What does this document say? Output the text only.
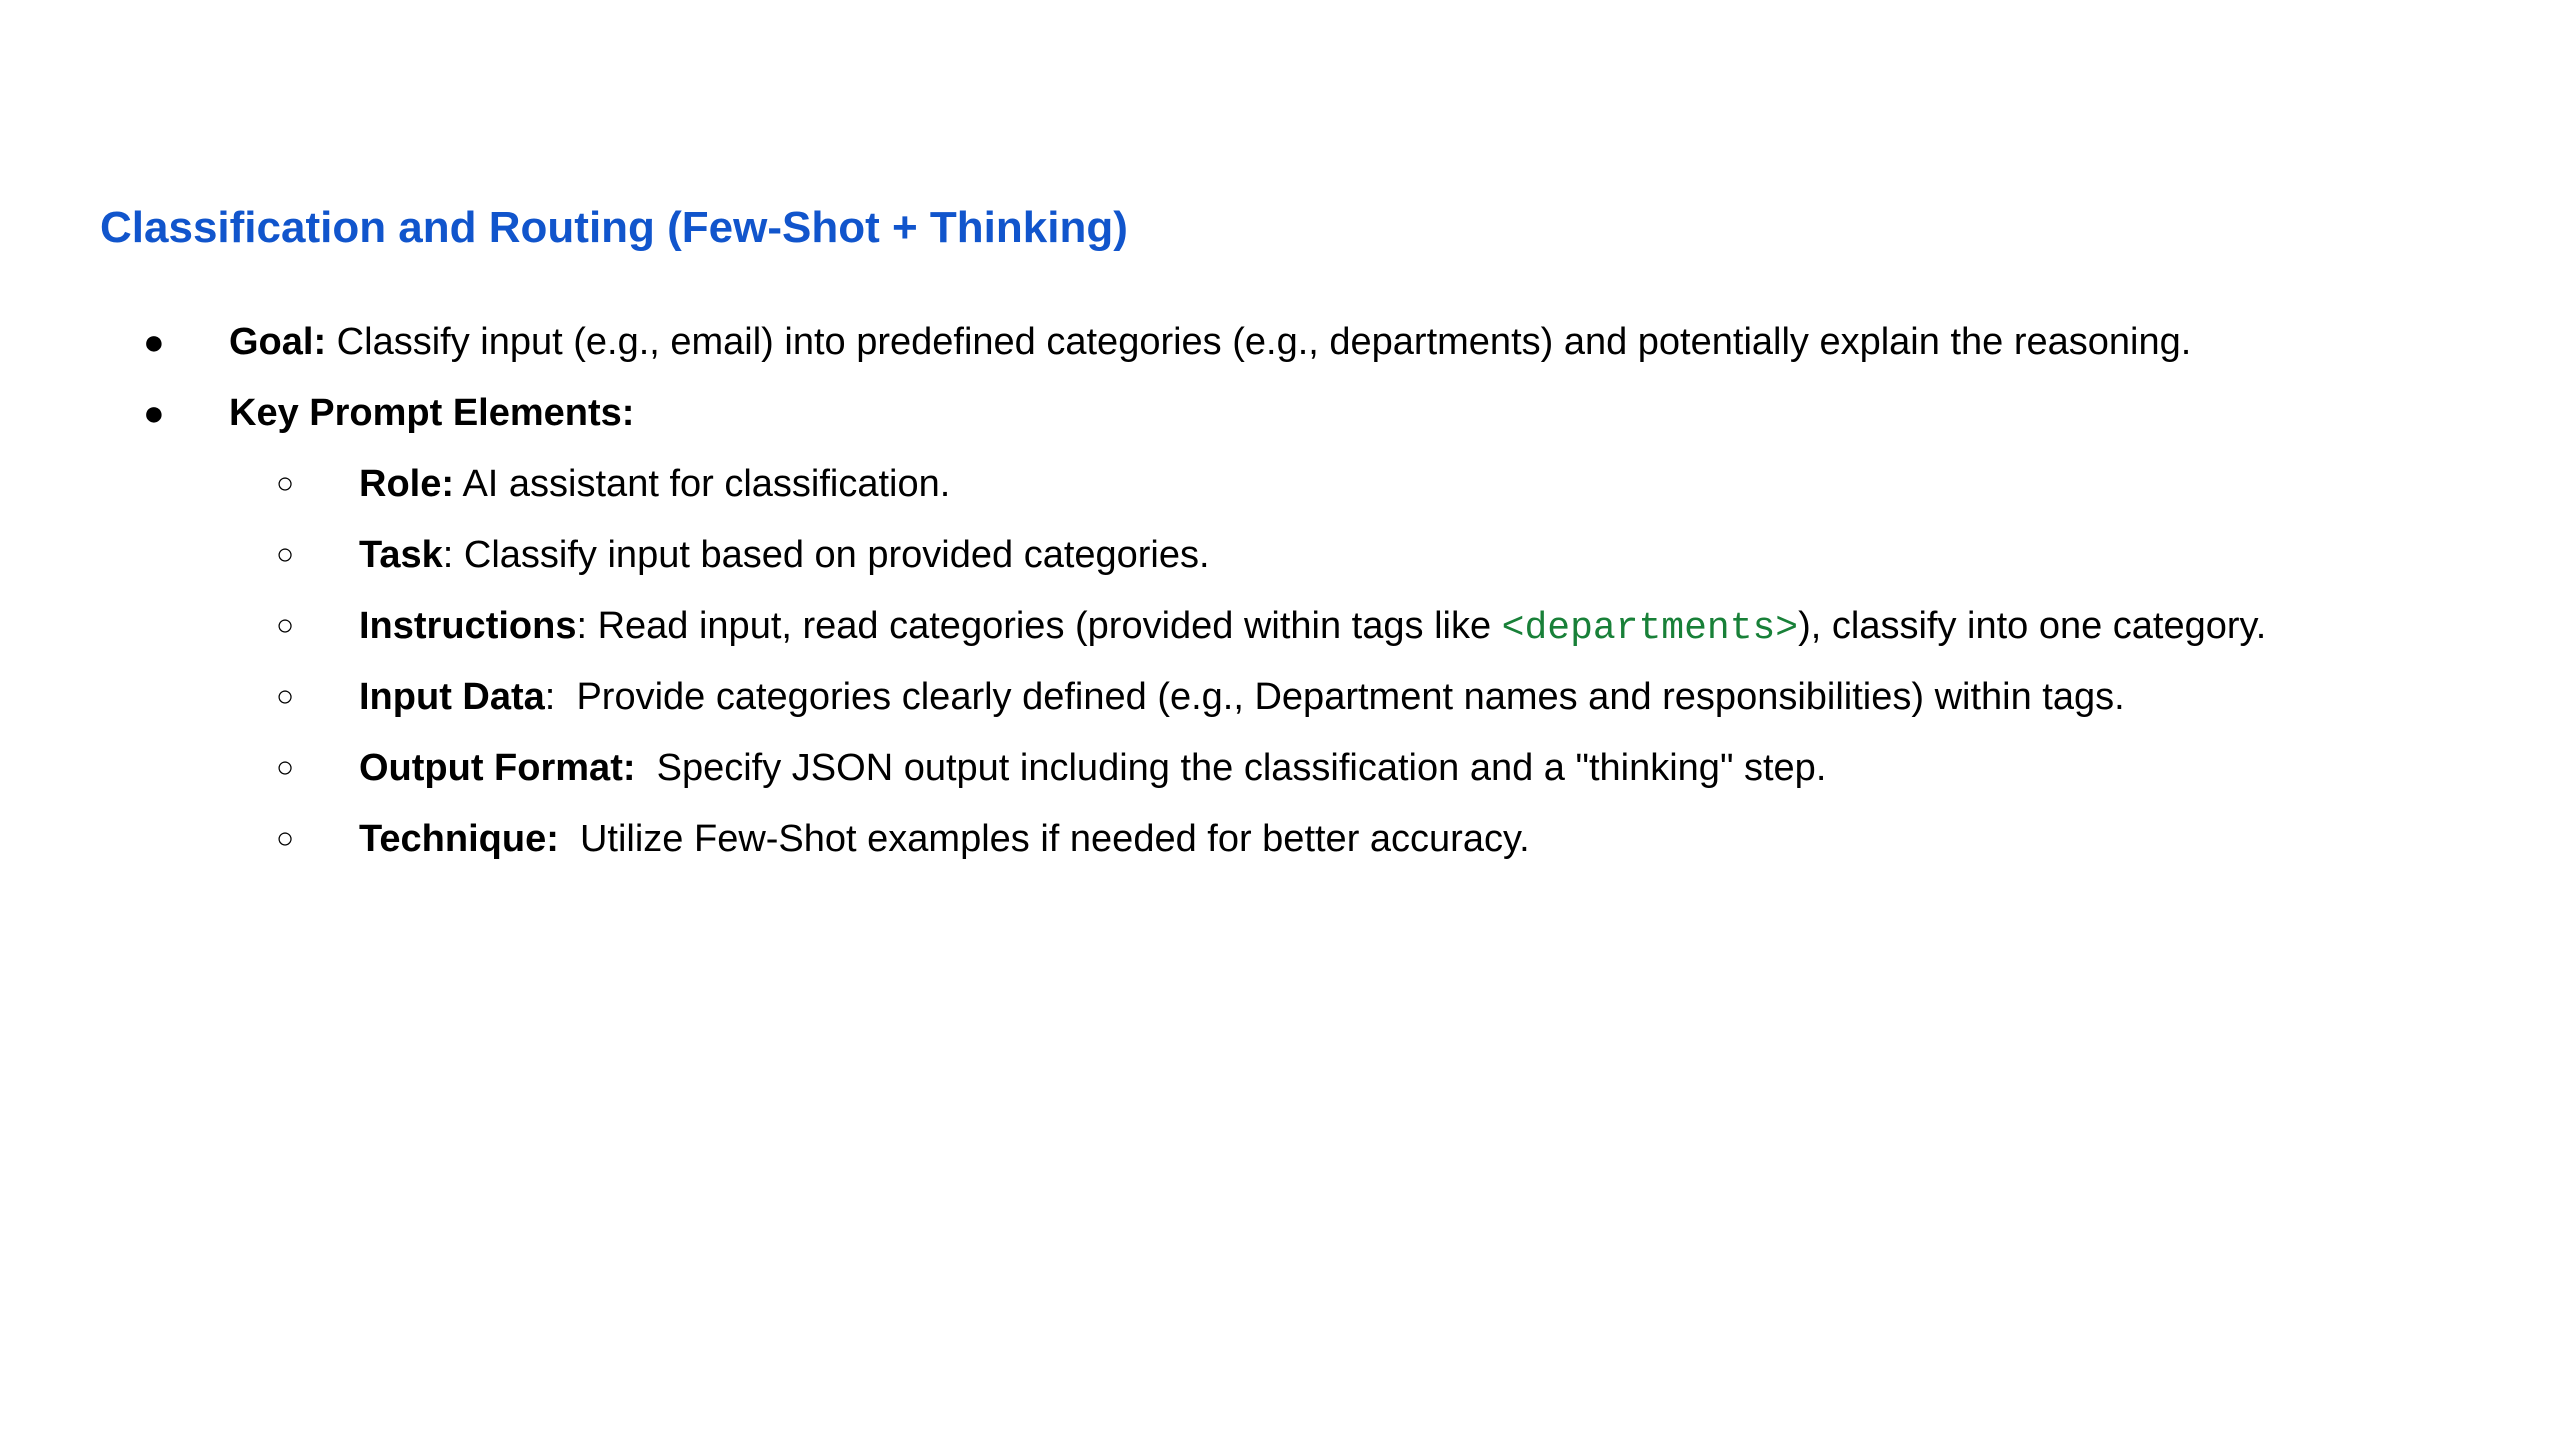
Classification and Routing (Few-Shot + Thinking)
● Goal: Classify input (e.g., email) into predefined categories (e.g., departments) and potentially explain the reasoning.
● Key Prompt Elements:
○ Role: AI assistant for classification.
○ Task: Classify input based on provided categories.
○ Instructions: Read input, read categories (provided within tags like <departments>), classify into one category.
○ Input Data:  Provide categories clearly defined (e.g., Department names and responsibilities) within tags.
○ Output Format:  Specify JSON output including the classification and a "thinking" step.
○ Technique:  Utilize Few-Shot examples if needed for better accuracy.
